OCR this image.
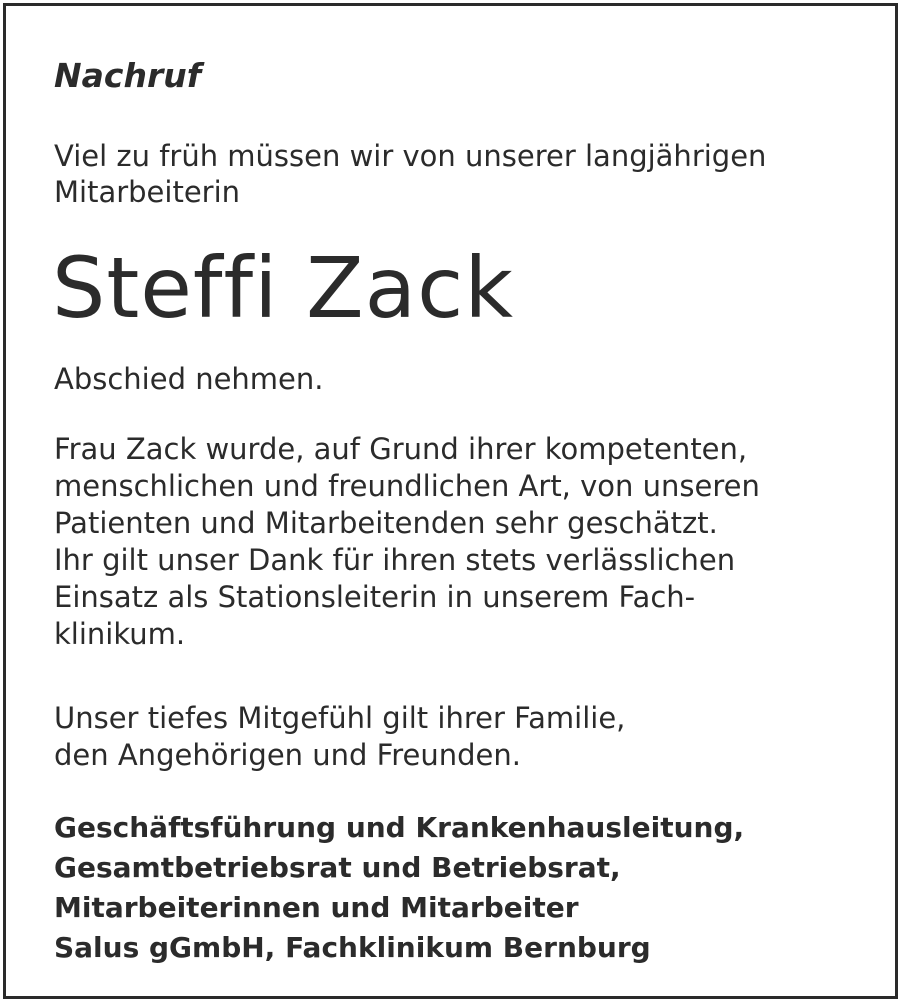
Nachruf
Viel zu früh müssen wir von unserer langjährigen
Mitarbeiterin
Steffi Zack
Abschied nehmen.
Frau Zack wurde, auf Grund ihrer kompetenten,
menschlichen und freundlichen Art, von unseren
Patienten und Mitarbeitenden sehr geschätzt.
Ihr gilt unser Dank für ihren stets verlässlichen
Einsatz als Stationsleiterin in unserem Fach-
klinikum.
Unser tiefes Mitgefühl gilt ihrer Familie,
den Angehörigen und Freunden.
Geschäftsführung und Krankenhausleitung,
Gesamtbetriebsrat und Betriebsrat,
Mitarbeiterinnen und Mitarbeiter
Salus gGmbH, Fachklinikum Bernburg
